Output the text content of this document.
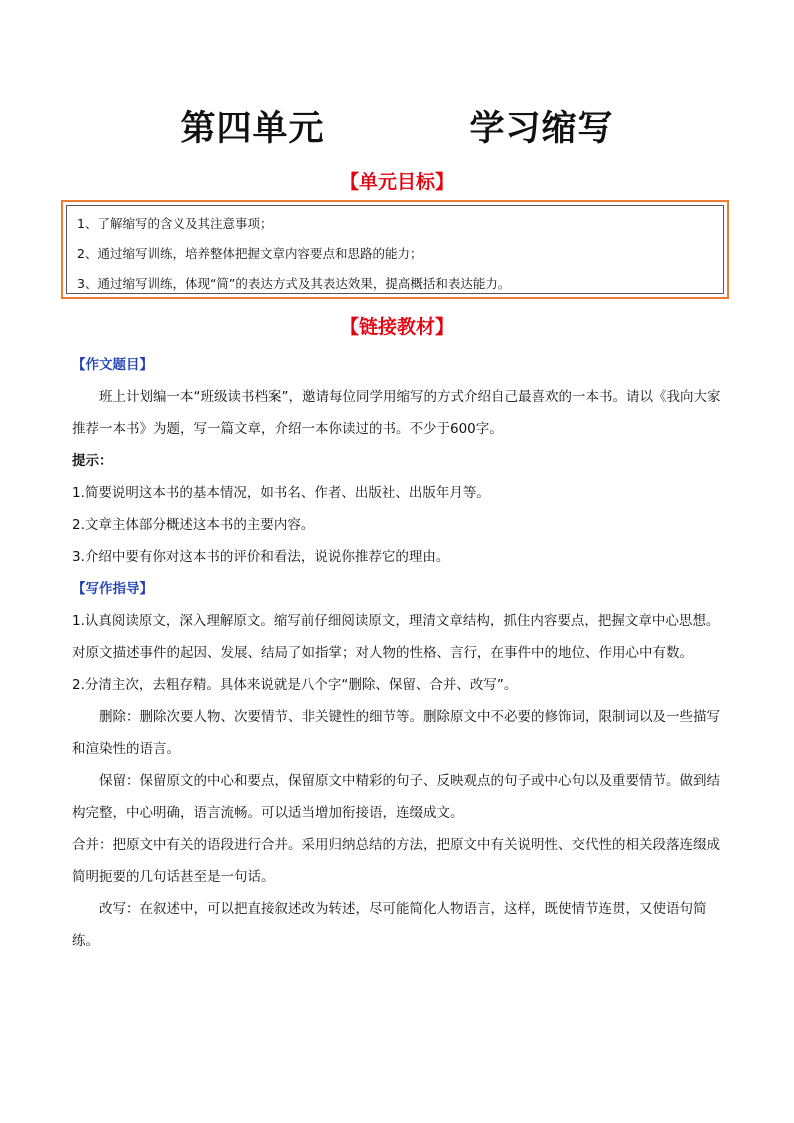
第四单元           学习缩写
【单元目标】
1、了解缩写的含义及其注意事项；
2、通过缩写训练，培养整体把握文章内容要点和思路的能力；
3、通过缩写训练，体现“简”的表达方式及其表达效果，提高概括和表达能力。
【链接教材】

【作文题目】

班上计划编一本“班级读书档案”，邀请每位同学用缩写的方式介绍自己最喜欢的一本书。请以《我向大家推荐一本书》为题，写一篇文章，介绍一本你读过的书。不少于600字。

提示：

1.简要说明这本书的基本情况，如书名、作者、出版社、出版年月等。

2.文章主体部分概述这本书的主要内容。

3.介绍中要有你对这本书的评价和看法，说说你推荐它的理由。

【写作指导】

1.认真阅读原文，深入理解原文。缩写前仔细阅读原文，理清文章结构，抓住内容要点，把握文章中心思想。对原文描述事件的起因、发展、结局了如指掌；对人物的性格、言行，在事件中的地位、作用心中有数。

2.分清主次，去粗存精。具体来说就是八个字“删除、保留、合并、改写”。

删除：删除次要人物、次要情节、非关键性的细节等。删除原文中不必要的修饰词，限制词以及一些描写和渲染性的语言。

保留：保留原文的中心和要点，保留原文中精彩的句子、反映观点的句子或中心句以及重要情节。做到结构完整，中心明确，语言流畅。可以适当增加衔接语，连缀成文。

合并：把原文中有关的语段进行合并。采用归纳总结的方法，把原文中有关说明性、交代性的相关段落连缀成简明扼要的几句话甚至是一句话。

改写：在叙述中，可以把直接叙述改为转述，尽可能简化人物语言，这样，既使情节连贯，又使语句简练。
